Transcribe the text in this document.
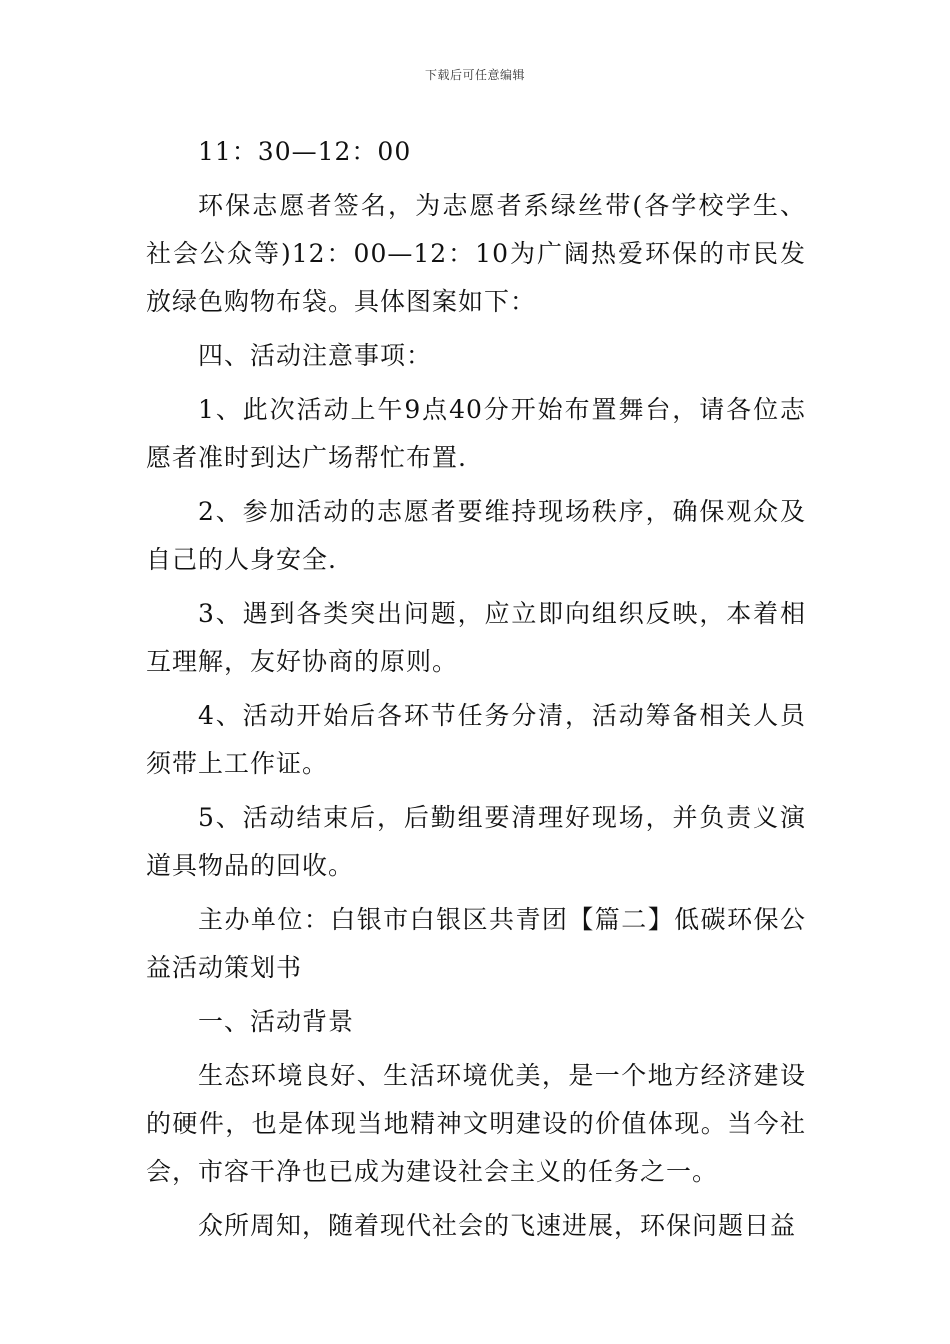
下载后可任意编辑

11：30—12：00

环保志愿者签名，为志愿者系绿丝带(各学校学生、社会公众等)12：00—12：10为广阔热爱环保的市民发放绿色购物布袋。具体图案如下：

四、活动注意事项：

1、此次活动上午9点40分开始布置舞台，请各位志愿者准时到达广场帮忙布置.

2、参加活动的志愿者要维持现场秩序，确保观众及自己的人身安全.

3、遇到各类突出问题，应立即向组织反映，本着相互理解，友好协商的原则。

4、活动开始后各环节任务分清，活动筹备相关人员须带上工作证。

5、活动结束后，后勤组要清理好现场，并负责义演道具物品的回收。

主办单位：白银市白银区共青团【篇二】低碳环保公益活动策划书

一、活动背景

生态环境良好、生活环境优美，是一个地方经济建设的硬件，也是体现当地精神文明建设的价值体现。当今社会，市容干净也已成为建设社会主义的任务之一。

众所周知，随着现代社会的飞速进展，环保问题日益
